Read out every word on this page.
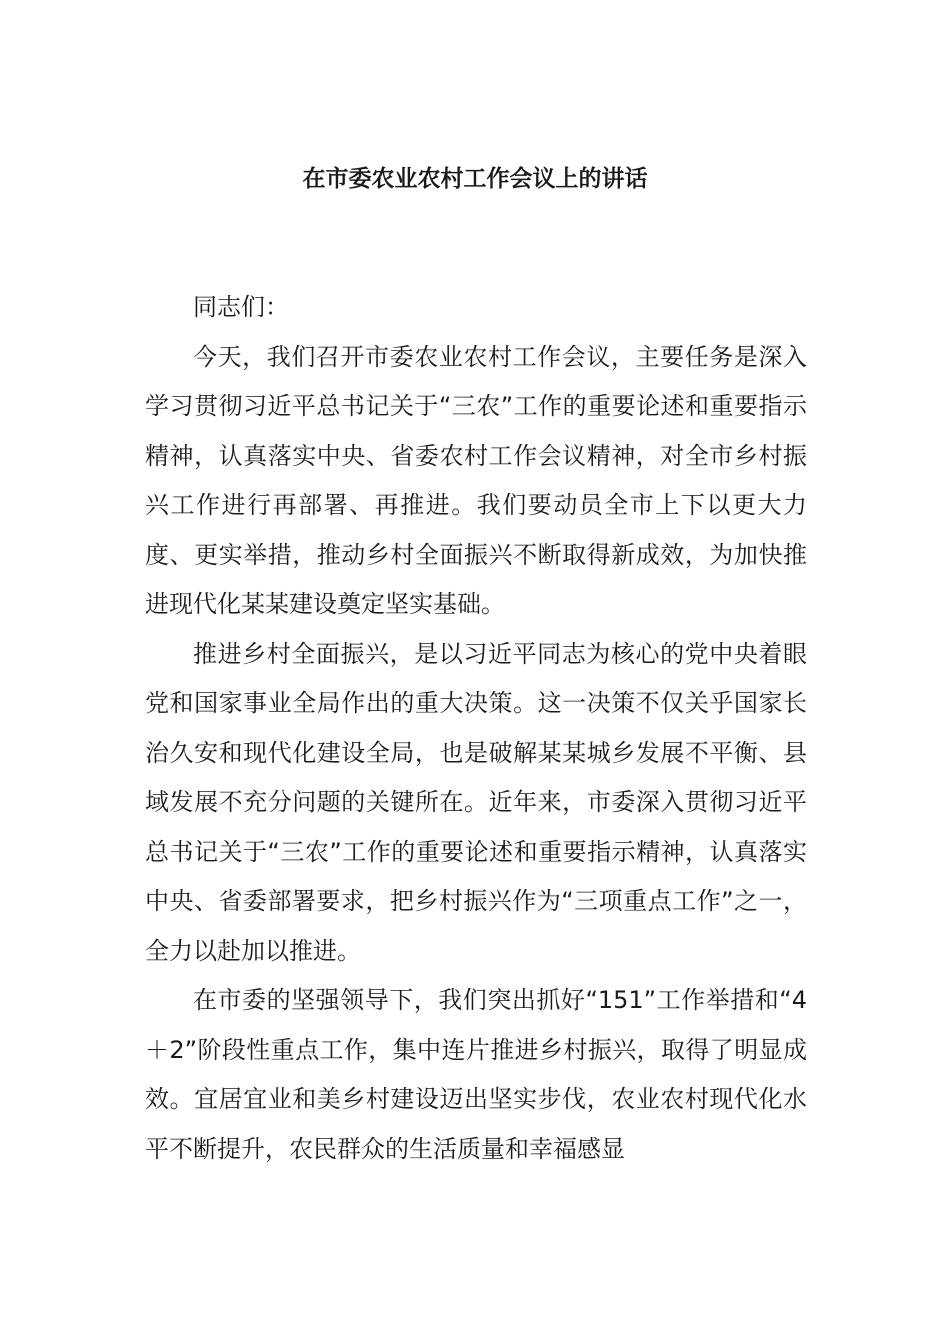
在市委农业农村工作会议上的讲话

同志们：

今天，我们召开市委农业农村工作会议，主要任务是深入学习贯彻习近平总书记关于“三农”工作的重要论述和重要指示精神，认真落实中央、省委农村工作会议精神，对全市乡村振兴工作进行再部署、再推进。我们要动员全市上下以更大力度、更实举措，推动乡村全面振兴不断取得新成效，为加快推进现代化某某建设奠定坚实基础。

推进乡村全面振兴，是以习近平同志为核心的党中央着眼党和国家事业全局作出的重大决策。这一决策不仅关乎国家长治久安和现代化建设全局，也是破解某某城乡发展不平衡、县域发展不充分问题的关键所在。近年来，市委深入贯彻习近平总书记关于“三农”工作的重要论述和重要指示精神，认真落实中央、省委部署要求，把乡村振兴作为“三项重点工作”之一，全力以赴加以推进。

在市委的坚强领导下，我们突出抓好“151”工作举措和“4＋2”阶段性重点工作，集中连片推进乡村振兴，取得了明显成效。宜居宜业和美乡村建设迈出坚实步伐，农业农村现代化水平不断提升，农民群众的生活质量和幸福感显
